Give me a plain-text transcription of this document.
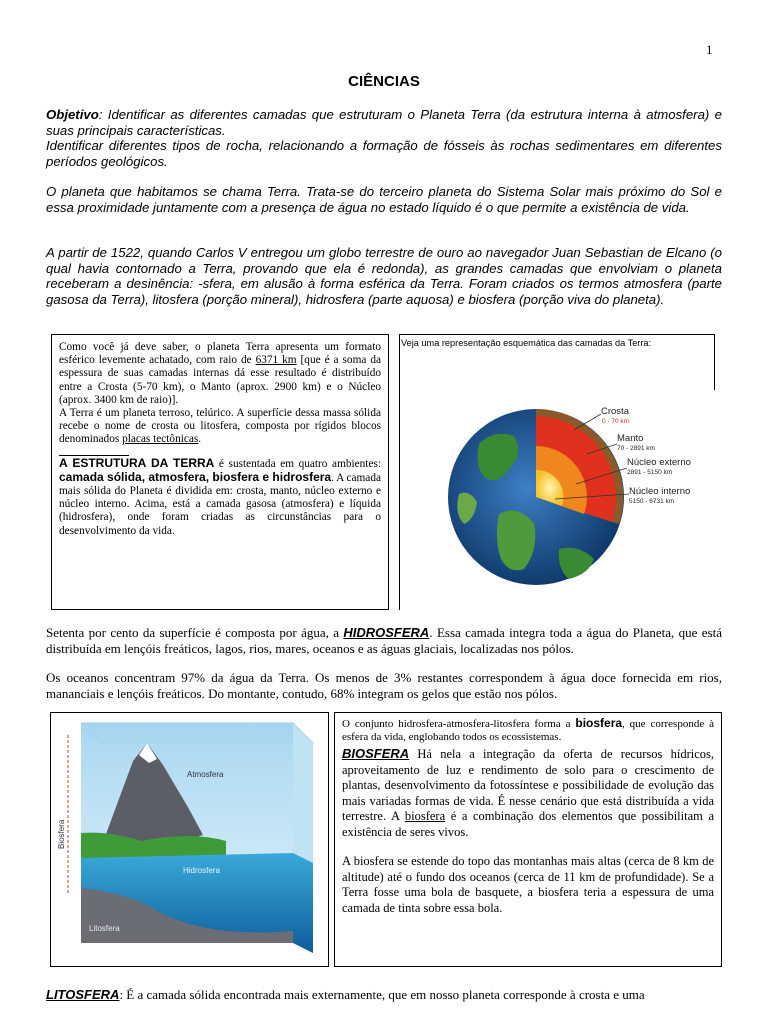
1
CIÊNCIAS
Objetivo: Identificar as diferentes camadas que estruturam o Planeta Terra (da estrutura interna à atmosfera) e suas principais características.
Identificar diferentes tipos de rocha, relacionando a formação de fósseis às rochas sedimentares em diferentes períodos geológicos.
O planeta que habitamos se chama Terra. Trata-se do terceiro planeta do Sistema Solar mais próximo do Sol e essa proximidade juntamente com a presença de água no estado líquido é o que permite a existência de vida.
A partir de 1522, quando Carlos V entregou um globo terrestre de ouro ao navegador Juan Sebastian de Elcano (o qual havia contornado a Terra, provando que ela é redonda), as grandes camadas que envolviam o planeta receberam a desinência: -sfera, em alusão à forma esférica da Terra. Foram criados os termos atmosfera (parte gasosa da Terra), litosfera (porção mineral), hidrosfera (parte aquosa) e biosfera (porção viva do planeta).
Como você já deve saber, o planeta Terra apresenta um formato esférico levemente achatado, com raio de 6371 km [que é a soma da espessura de suas camadas internas dá esse resultado é distribuído entre a Crosta (5-70 km), o Manto (aprox. 2900 km) e o Núcleo (aprox. 3400 km de raio)].
A Terra é um planeta terroso, telúrico. A superfície dessa massa sólida recebe o nome de crosta ou litosfera, composta por rígidos blocos denominados placas tectônicas.
A ESTRUTURA DA TERRA é sustentada em quatro ambientes: camada sólida, atmosfera, biosfera e hidrosfera. A camada mais sólida do Planeta é dividida em: crosta, manto, núcleo externo e núcleo interno. Acima, está a camada gasosa (atmosfera) e líquida (hidrosfera), onde foram criadas as circunstâncias para o desenvolvimento da vida.
Veja uma representação esquemática das camadas da Terra:
Crosta
0 - 70 km
Manto
70 - 2891 km
Núcleo externo
2891 - 5150 km
Núcleo interno
5150 - 6731 km
Setenta por cento da superfície é composta por água, a HIDROSFERA. Essa camada integra toda a água do Planeta, que está distribuída em lençóis freáticos, lagos, rios, mares, oceanos e as águas glaciais, localizadas nos pólos.
Os oceanos concentram 97% da água da Terra. Os menos de 3% restantes correspondem à água doce fornecida em rios, mananciais e lençóis freáticos. Do montante, contudo, 68% integram os gelos que estão nos pólos.
Atmosfera
Hidrosfera
Litosfera
Biosfera
O conjunto hidrosfera-atmosfera-litosfera forma a biosfera, que corresponde à esfera da vida, englobando todos os ecossistemas.
BIOSFERA Há nela a integração da oferta de recursos hídricos, aproveitamento de luz e rendimento de solo para o crescimento de plantas, desenvolvimento da fotossíntese e possibilidade de evolução das mais variadas formas de vida. É nesse cenário que está distribuída a vida terrestre. A biosfera é a combinação dos elementos que possibilitam a existência de seres vivos.
A biosfera se estende do topo das montanhas mais altas (cerca de 8 km de altitude) até o fundo dos oceanos (cerca de 11 km de profundidade). Se a Terra fosse uma bola de basquete, a biosfera teria a espessura de uma camada de tinta sobre essa bola.
LITOSFERA: É a camada sólida encontrada mais externamente, que em nosso planeta corresponde à crosta e uma
